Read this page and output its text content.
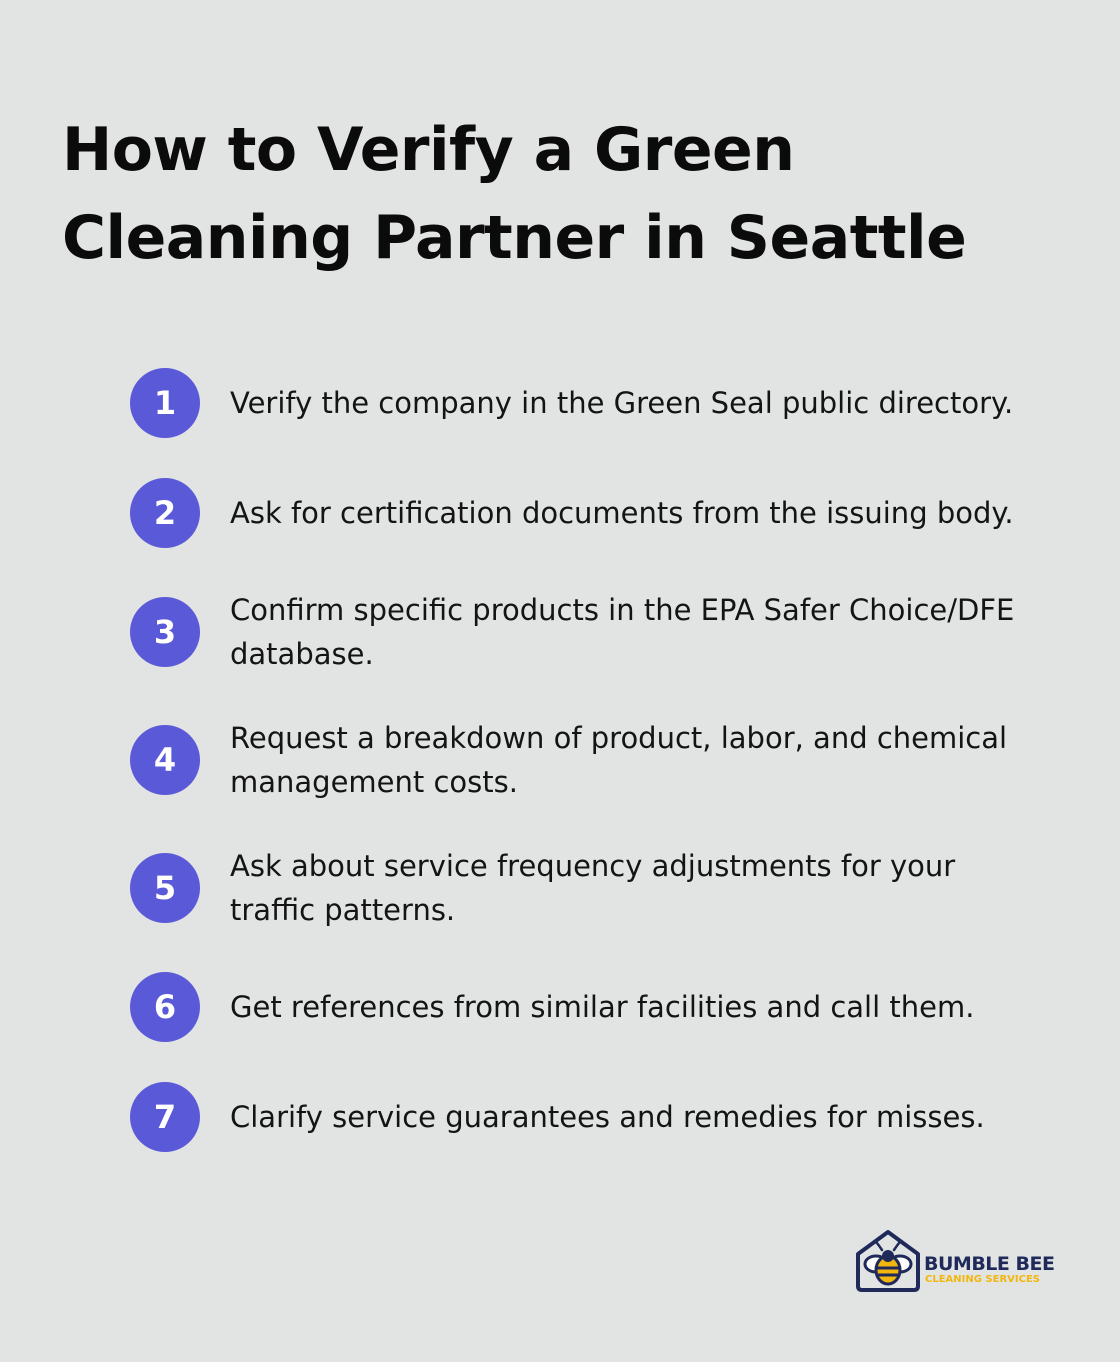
How to Verify a Green Cleaning Partner in Seattle
1	Verify the company in the Green Seal public directory.
2	Ask for certification documents from the issuing body.
3
Confirm specific products in the EPA Safer Choice/DFE database.
4
Request a breakdown of product, labor, and chemical management costs.
5
Ask about service frequency adjustments for your traffic patterns.
6	Get references from similar facilities and call them.
7	Clarify service guarantees and remedies for misses.
BUMBLE BEE
CLEANING SERVICES
